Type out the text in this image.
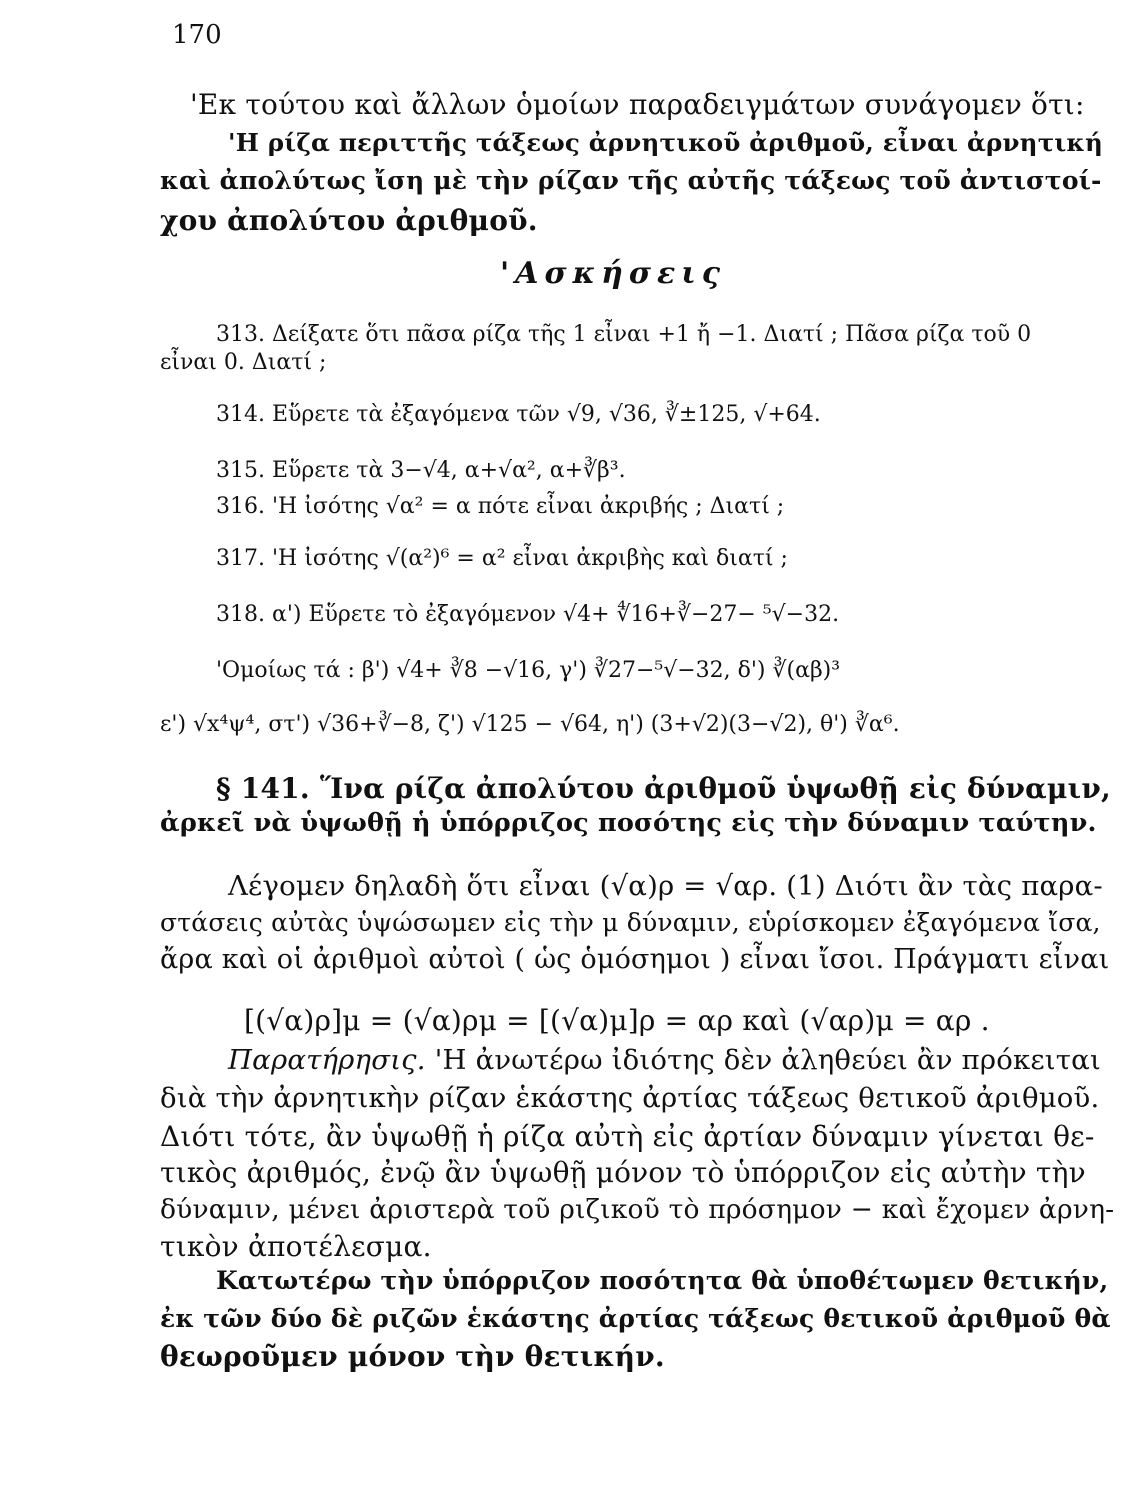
170
'Εκ τούτου καὶ ἄλλων ὁμοίων παραδειγμάτων συνάγομεν ὅτι:
'Η ρίζα περιττῆς τάξεως ἀρνητικοῦ ἀριθμοῦ, εἶναι ἀρνητική
καὶ ἀπολύτως ἴση μὲ τὴν ρίζαν τῆς αὐτῆς τάξεως τοῦ ἀντιστοί-
χου ἀπολύτου ἀριθμοῦ.
'Ασκήσεις
313. Δείξατε ὅτι πᾶσα ρίζα τῆς 1 εἶναι +1 ἤ −1. Διατί ; Πᾶσα ρίζα τοῦ 0
εἶναι 0. Διατί ;
314. Εὕρετε τὰ ἐξαγόμενα τῶν √9, √36, ∛±125, √+64.
315. Εὕρετε τὰ 3−√4, α+√α², α+∛β³.
316. 'Η ἰσότης √α² = α πότε εἶναι ἀκριβής ; Διατί ;
317. 'Η ἰσότης √(α²)⁶ = α² εἶναι ἀκριβὴς καὶ διατί ;
318. α') Εὕρετε τὸ ἐξαγόμενον √4+ ∜16+∛−27− ⁵√−32.
'Ομοίως τά : β') √4+ ∛8 −√16, γ') ∛27−⁵√−32, δ') ∛(αβ)³
ε') √x⁴ψ⁴, στ') √36+∛−8, ζ') √125 − √64, η') (3+√2)(3−√2), θ') ∛α⁶.
§ 141. Ἵνα ρίζα ἀπολύτου ἀριθμοῦ ὑψωθῇ εἰς δύναμιν,
ἀρκεῖ νὰ ὑψωθῇ ἡ ὑπόρριζος ποσότης εἰς τὴν δύναμιν ταύτην.
Λέγομεν δηλαδὴ ὅτι εἶναι (√α)ρ = √αρ. (1) Διότι ἂν τὰς παρα-
στάσεις αὐτὰς ὑψώσωμεν εἰς τὴν μ δύναμιν, εὑρίσκομεν ἐξαγόμενα ἴσα,
ἄρα καὶ οἱ ἀριθμοὶ αὐτοὶ ( ὡς ὁμόσημοι ) εἶναι ἴσοι. Πράγματι εἶναι
[(√α)ρ]μ = (√α)ρμ = [(√α)μ]ρ = αρ καὶ (√αρ)μ = αρ .
Παρατήρησις. 'Η ἀνωτέρω ἰδιότης δὲν ἀληθεύει ἂν πρόκειται
διὰ τὴν ἀρνητικὴν ρίζαν ἑκάστης ἀρτίας τάξεως θετικοῦ ἀριθμοῦ.
Διότι τότε, ἂν ὑψωθῇ ἡ ρίζα αὐτὴ εἰς ἀρτίαν δύναμιν γίνεται θε-
τικὸς ἀριθμός, ἐνῷ ἂν ὑψωθῇ μόνον τὸ ὑπόρριζον εἰς αὐτὴν τὴν
δύναμιν, μένει ἀριστερὰ τοῦ ριζικοῦ τὸ πρόσημον − καὶ ἔχομεν ἀρνη-
τικὸν ἀποτέλεσμα.
Κατωτέρω τὴν ὑπόρριζον ποσότητα θὰ ὑποθέτωμεν θετικήν,
ἐκ τῶν δύο δὲ ριζῶν ἑκάστης ἀρτίας τάξεως θετικοῦ ἀριθμοῦ θὰ
θεωροῦμεν μόνον τὴν θετικήν.
